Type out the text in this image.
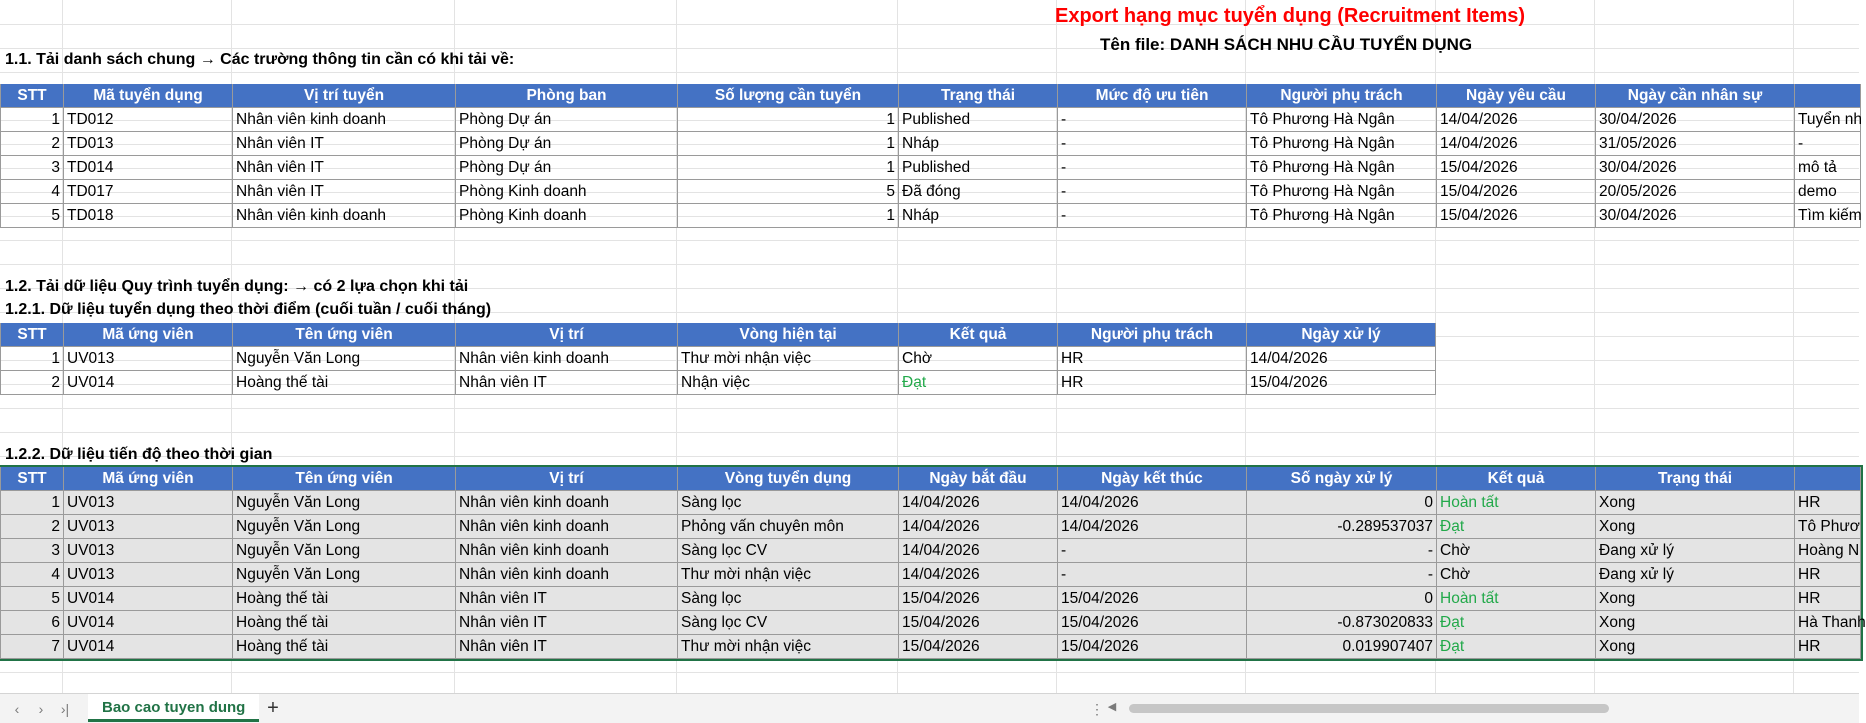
Export hạng mục tuyển dụng (Recruitment Items)
Tên file: DANH SÁCH NHU CẦU TUYỂN DỤNG
1.1. Tải danh sách chung → Các trường thông tin cần có khi tải về:
STT	Mã tuyển dụng	Vị trí tuyển	Phòng ban	Số lượng cần tuyển	Trạng thái	Mức độ ưu tiên	Người phụ trách	Ngày yêu cầu	Ngày cần nhân sự
1 TD012	Nhân viên kinh doanh	Phòng Dự án	1 Published	-	Tô Phương Hà Ngân	14/04/2026	30/04/2026	Tuyển nh
2 TD013	Nhân viên IT	Phòng Dự án	1 Nháp	-	Tô Phương Hà Ngân	14/04/2026	31/05/2026	-
3 TD014	Nhân viên IT	Phòng Dự án	1 Published	-	Tô Phương Hà Ngân	15/04/2026	30/04/2026	mô tả
4 TD017	Nhân viên IT	Phòng Kinh doanh	5 Đã đóng	-	Tô Phương Hà Ngân	15/04/2026	20/05/2026	demo
5 TD018	Nhân viên kinh doanh	Phòng Kinh doanh	1 Nháp	-	Tô Phương Hà Ngân	15/04/2026	30/04/2026	Tìm kiếm
1.2. Tải dữ liệu Quy trình tuyển dụng: → có 2 lựa chọn khi tải
1.2.1. Dữ liệu tuyển dụng theo thời điểm (cuối tuần / cuối tháng)
STT	Mã ứng viên	Tên ứng viên	Vị trí	Vòng hiện tại	Kết quả	Người phụ trách	Ngày xử lý
1 UV013	Nguyễn Văn Long	Nhân viên kinh doanh	Thư mời nhận việc	Chờ	HR	14/04/2026
2 UV014	Hoàng thế tài	Nhân viên IT	Nhận việc	Đạt	HR	15/04/2026
1.2.2. Dữ liệu tiến độ theo thời gian
STT	Mã ứng viên	Tên ứng viên	Vị trí	Vòng tuyển dụng	Ngày bắt đầu	Ngày kết thúc	Số ngày xử lý	Kết quả	Trạng thái
1 UV013	Nguyễn Văn Long	Nhân viên kinh doanh	Sàng lọc	14/04/2026	14/04/2026	0 Hoàn tất	Xong	HR
2 UV013	Nguyễn Văn Long	Nhân viên kinh doanh	Phỏng vấn chuyên môn	14/04/2026	14/04/2026	-0.289537037 Đạt	Xong	Tô Phươ
3 UV013	Nguyễn Văn Long	Nhân viên kinh doanh	Sàng lọc CV	14/04/2026	-	- Chờ	Đang xử lý	Hoàng N
4 UV013	Nguyễn Văn Long	Nhân viên kinh doanh	Thư mời nhận việc	14/04/2026	-	- Chờ	Đang xử lý	HR
5 UV014	Hoàng thế tài	Nhân viên IT	Sàng lọc	15/04/2026	15/04/2026	0 Hoàn tất	Xong	HR
6 UV014	Hoàng thế tài	Nhân viên IT	Sàng lọc CV	15/04/2026	15/04/2026	-0.873020833 Đạt	Xong	Hà Thanh
7 UV014	Hoàng thế tài	Nhân viên IT	Thư mời nhận việc	15/04/2026	15/04/2026	0.019907407 Đạt	Xong	HR
‹	›	›|	Bao cao tuyen dung	+	⋮ ◀
